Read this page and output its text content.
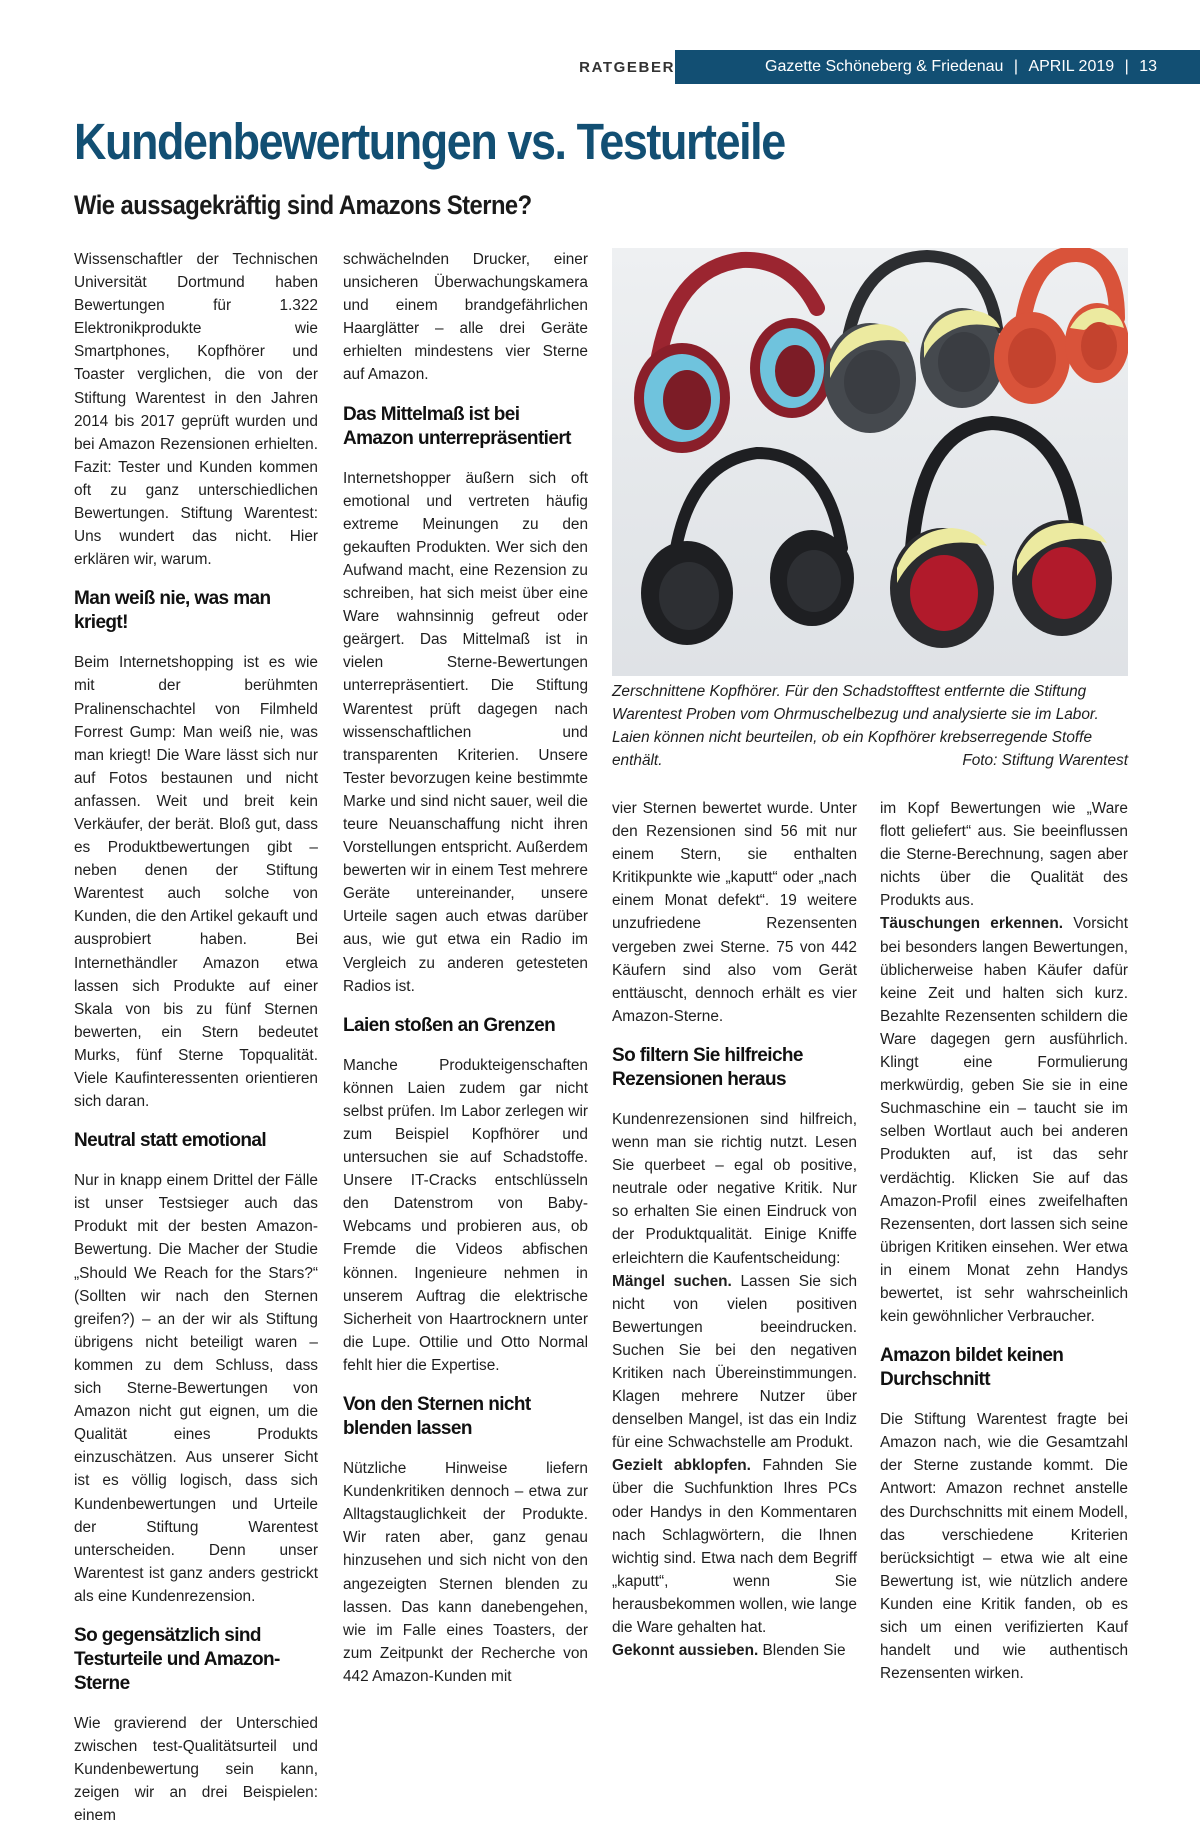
RATGEBER	Gazette Schöneberg & Friedenau | APRIL 2019 | 13
Kundenbewertungen vs. Testurteile
Wie aussagekräftig sind Amazons Sterne?

Wissenschaftler der Technischen Universität Dortmund haben Bewertungen für 1.322 Elektronikprodukte wie Smartphones, Kopfhörer und Toaster verglichen, die von der Stiftung Warentest in den Jahren 2014 bis 2017 geprüft wurden und bei Amazon Rezensionen erhielten. Fazit: Tester und Kunden kommen oft zu ganz unterschiedlichen Bewertungen. Stiftung Warentest: Uns wundert das nicht. Hier erklären wir, warum.

Man weiß nie, was man kriegt!

Beim Internetshopping ist es wie mit der berühmten Pralinenschachtel von Filmheld Forrest Gump: Man weiß nie, was man kriegt! Die Ware lässt sich nur auf Fotos bestaunen und nicht anfassen. Weit und breit kein Verkäufer, der berät. Bloß gut, dass es Produktbewertungen gibt – neben denen der Stiftung Warentest auch solche von Kunden, die den Artikel gekauft und ausprobiert haben. Bei Internethändler Amazon etwa lassen sich Produkte auf einer Skala von bis zu fünf Sternen bewerten, ein Stern bedeutet Murks, fünf Sterne Topqualität. Viele Kaufinteressenten orientieren sich daran.

Neutral statt emotional

Nur in knapp einem Drittel der Fälle ist unser Testsieger auch das Produkt mit der besten Amazon-Bewertung. Die Macher der Studie „Should We Reach for the Stars?“ (Sollten wir nach den Sternen greifen?) – an der wir als Stiftung übrigens nicht beteiligt waren – kommen zu dem Schluss, dass sich Sterne-Bewertungen von Amazon nicht gut eignen, um die Qualität eines Produkts einzuschätzen. Aus unserer Sicht ist es völlig logisch, dass sich Kundenbewertungen und Urteile der Stiftung Warentest unterscheiden. Denn unser Warentest ist ganz anders gestrickt als eine Kundenrezension.

So gegensätzlich sind Testurteile und Amazon-Sterne

Wie gravierend der Unterschied zwischen test-Qualitätsurteil und Kundenbewertung sein kann, zeigen wir an drei Beispielen: einem

schwächelnden Drucker, einer unsicheren Überwachungskamera und einem brandgefährlichen Haarglätter – alle drei Geräte erhielten mindestens vier Sterne auf Amazon.

Das Mittelmaß ist bei Amazon unterrepräsentiert

Internetshopper äußern sich oft emotional und vertreten häufig extreme Meinungen zu den gekauften Produkten. Wer sich den Aufwand macht, eine Rezension zu schreiben, hat sich meist über eine Ware wahnsinnig gefreut oder geärgert. Das Mittelmaß ist in vielen Sterne-Bewertungen unterrepräsentiert. Die Stiftung Warentest prüft dagegen nach wissenschaftlichen und transparenten Kriterien. Unsere Tester bevorzugen keine bestimmte Marke und sind nicht sauer, weil die teure Neuanschaffung nicht ihren Vorstellungen entspricht. Außerdem bewerten wir in einem Test mehrere Geräte untereinander, unsere Urteile sagen auch etwas darüber aus, wie gut etwa ein Radio im Vergleich zu anderen getesteten Radios ist.

Laien stoßen an Grenzen

Manche Produkteigenschaften können Laien zudem gar nicht selbst prüfen. Im Labor zerlegen wir zum Beispiel Kopfhörer und untersuchen sie auf Schadstoffe. Unsere IT-Cracks entschlüsseln den Datenstrom von Baby-Webcams und probieren aus, ob Fremde die Videos abfischen können. Ingenieure nehmen in unserem Auftrag die elektrische Sicherheit von Haartrocknern unter die Lupe. Ottilie und Otto Normal fehlt hier die Expertise.

Von den Sternen nicht blenden lassen

Nützliche Hinweise liefern Kundenkritiken dennoch – etwa zur Alltagstauglichkeit der Produkte. Wir raten aber, ganz genau hinzusehen und sich nicht von den angezeigten Sternen blenden zu lassen. Das kann danebengehen, wie im Falle eines Toasters, der zum Zeitpunkt der Recherche von 442 Amazon-Kunden mit

Zerschnittene Kopfhörer. Für den Schadstofftest entfernte die Stiftung Warentest Proben vom Ohrmuschelbezug und analysierte sie im Labor. Laien können nicht beurteilen, ob ein Kopfhörer krebserregende Stoffe enthält.	Foto: Stiftung Warentest

vier Sternen bewertet wurde. Unter den Rezensionen sind 56 mit nur einem Stern, sie enthalten Kritikpunkte wie „kaputt“ oder „nach einem Monat defekt“. 19 weitere unzufriedene Rezensenten vergeben zwei Sterne. 75 von 442 Käufern sind also vom Gerät enttäuscht, dennoch erhält es vier Amazon-Sterne.

So filtern Sie hilfreiche Rezensionen heraus

Kundenrezensionen sind hilfreich, wenn man sie richtig nutzt. Lesen Sie querbeet – egal ob positive, neutrale oder negative Kritik. Nur so erhalten Sie einen Eindruck von der Produktqualität. Einige Kniffe erleichtern die Kaufentscheidung:

Mängel suchen. Lassen Sie sich nicht von vielen positiven Bewertungen beeindrucken. Suchen Sie bei den negativen Kritiken nach Übereinstimmungen. Klagen mehrere Nutzer über denselben Mangel, ist das ein Indiz für eine Schwachstelle am Produkt.

Gezielt abklopfen. Fahnden Sie über die Suchfunktion Ihres PCs oder Handys in den Kommentaren nach Schlagwörtern, die Ihnen wichtig sind. Etwa nach dem Begriff „kaputt“, wenn Sie herausbekommen wollen, wie lange die Ware gehalten hat.

Gekonnt aussieben. Blenden Sie

im Kopf Bewertungen wie „Ware flott geliefert“ aus. Sie beeinflussen die Sterne-Berechnung, sagen aber nichts über die Qualität des Produkts aus.

Täuschungen erkennen. Vorsicht bei besonders langen Bewertungen, üblicherweise haben Käufer dafür keine Zeit und halten sich kurz. Bezahlte Rezensenten schildern die Ware dagegen gern ausführlich. Klingt eine Formulierung merkwürdig, geben Sie sie in eine Suchmaschine ein – taucht sie im selben Wortlaut auch bei anderen Produkten auf, ist das sehr verdächtig. Klicken Sie auf das Amazon-Profil eines zweifelhaften Rezensenten, dort lassen sich seine übrigen Kritiken einsehen. Wer etwa in einem Monat zehn Handys bewertet, ist sehr wahrscheinlich kein gewöhnlicher Verbraucher.

Amazon bildet keinen Durchschnitt

Die Stiftung Warentest fragte bei Amazon nach, wie die Gesamtzahl der Sterne zustande kommt. Die Antwort: Amazon rechnet anstelle des Durchschnitts mit einem Modell, das verschiedene Kriterien berücksichtigt – etwa wie alt eine Bewertung ist, wie nützlich andere Kunden eine Kritik fanden, ob es sich um einen verifizierten Kauf handelt und wie authentisch Rezensenten wirken.
